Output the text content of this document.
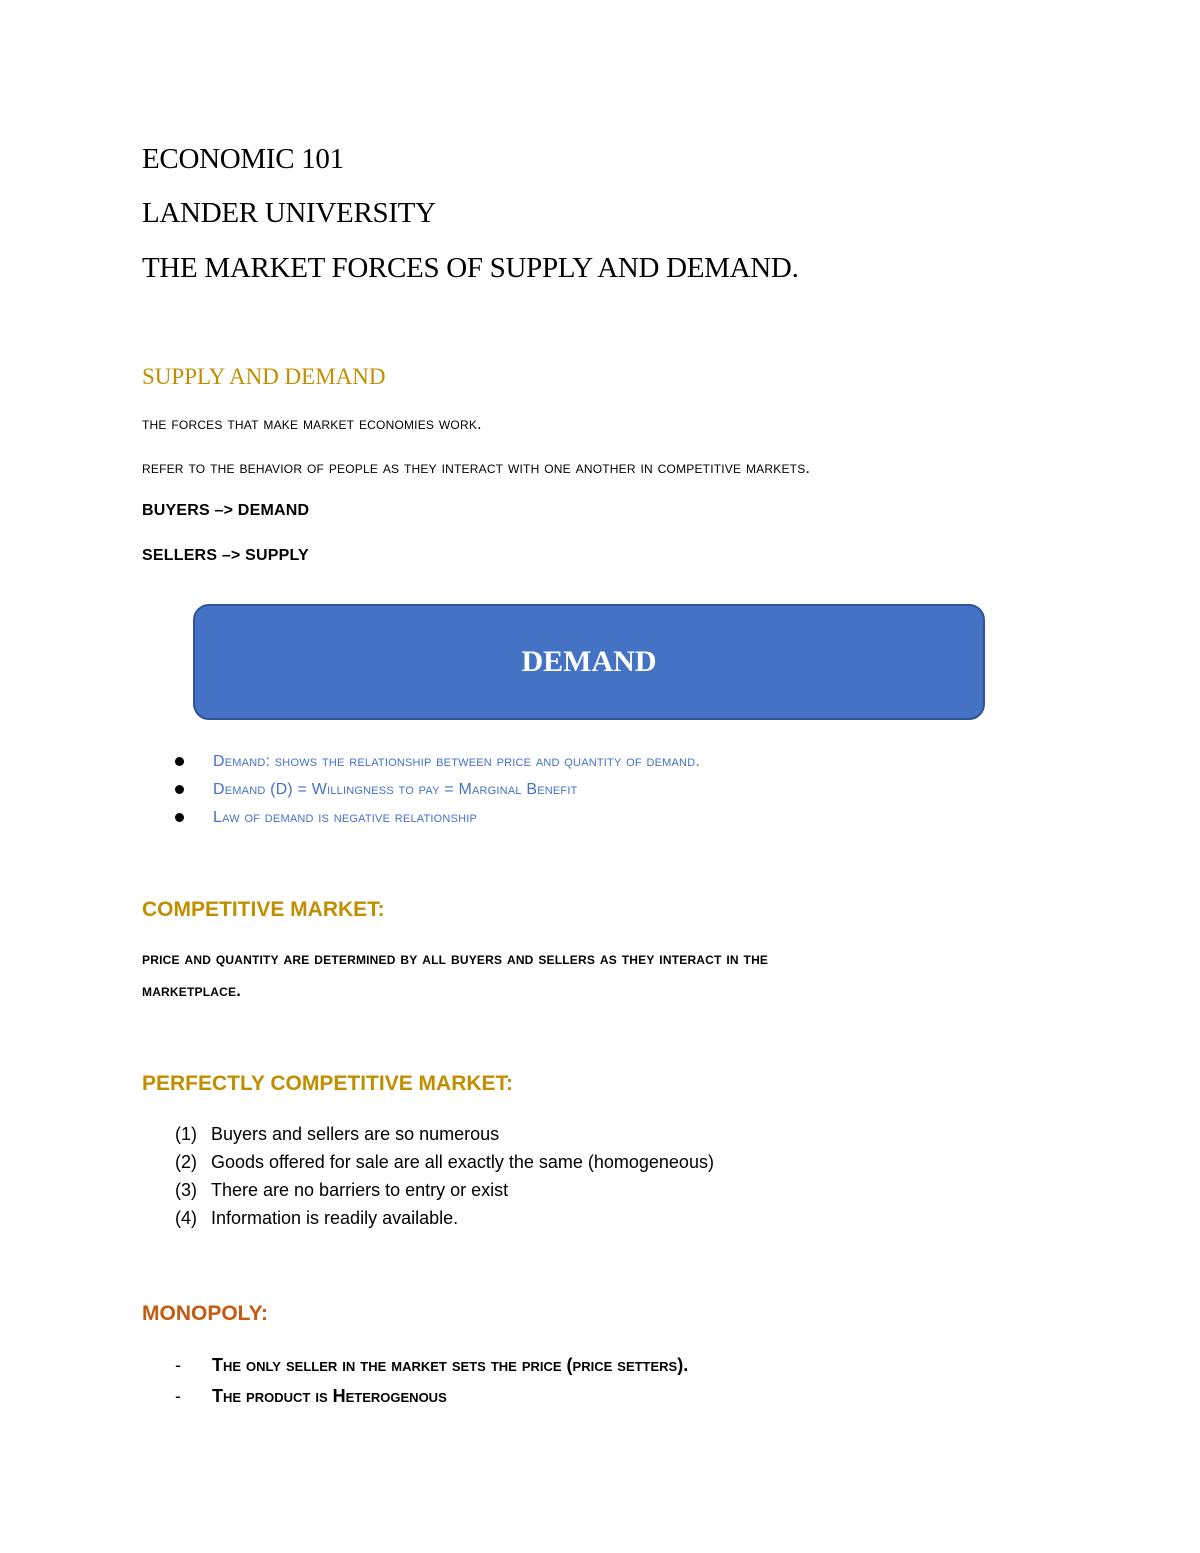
ECONOMIC 101

LANDER UNIVERSITY

THE MARKET FORCES OF SUPPLY AND DEMAND.

SUPPLY AND DEMAND

the forces that make market economies work.

refer to the behavior of people as they interact with one another in competitive markets.

BUYERS –> DEMAND

SELLERS –> SUPPLY

DEMAND
Demand: shows the relationship between price and quantity of demand.
Demand (D) = Willingness to pay = Marginal Benefit
Law of demand is negative relationship

COMPETITIVE MARKET:

price and quantity are determined by all buyers and sellers as they interact in the

marketplace.

PERFECTLY COMPETITIVE MARKET:

(1) Buyers and sellers are so numerous
(2) Goods offered for sale are all exactly the same (homogeneous)
(3) There are no barriers to entry or exist
(4) Information is readily available.

MONOPOLY:

- The only seller in the market sets the price (price setters).
- The product is Heterogenous
